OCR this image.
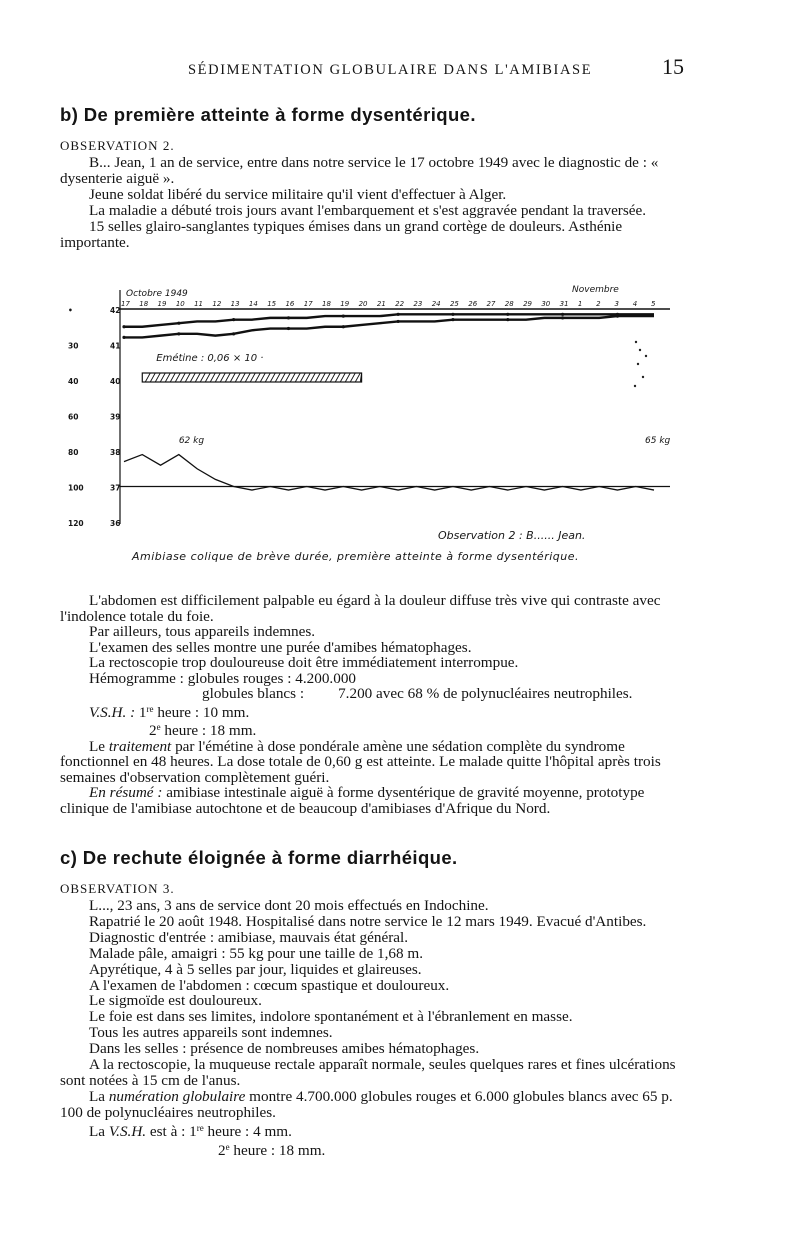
SÉDIMENTATION GLOBULAIRE DANS L'AMIBIASE	15
b) De première atteinte à forme dysentérique.
OBSERVATION 2.

B... Jean, 1 an de service, entre dans notre service le 17 octobre 1949 avec le diagnostic de : « dysenterie aiguë ».

Jeune soldat libéré du service militaire qu'il vient d'effectuer à Alger.

La maladie a débuté trois jours avant l'embarquement et s'est aggravée pendant la traversée.

15 selles glairo-sanglantes typiques émises dans un grand cortège de douleurs. Asthénie importante.

Octobre 1949	Novembre
17 18 19 10 11 12 13 14 15 16 17 18 19 20 21 22 23 24 25 26 27 28 29 30 31 1 2 3 4 5
42
41
40
39
38
37
36
•
30
40
60
80
100
120
Emétine : 0,06 × 10 ·
62 kg	65 kg
Observation 2 : B...... Jean.
Amibiase colique de brève durée, première atteinte à forme dysentérique.

L'abdomen est difficilement palpable eu égard à la douleur diffuse très vive qui contraste avec l'indolence totale du foie.

Par ailleurs, tous appareils indemnes.

L'examen des selles montre une purée d'amibes hématophages.

La rectoscopie trop douloureuse doit être immédiatement interrompue.

Hémogramme : globules rouges : 4.200.000

globules blancs : 7.200 avec 68 % de polynucléaires neutrophiles.

V.S.H. : 1re heure : 10 mm.

2e heure : 18 mm.

Le traitement par l'émétine à dose pondérale amène une sédation complète du syndrome fonctionnel en 48 heures. La dose totale de 0,60 g est atteinte. Le malade quitte l'hôpital après trois semaines d'observation complètement guéri.

En résumé : amibiase intestinale aiguë à forme dysentérique de gravité moyenne, prototype clinique de l'amibiase autochtone et de beaucoup d'amibiases d'Afrique du Nord.

c) De rechute éloignée à forme diarrhéique.
OBSERVATION 3.

L..., 23 ans, 3 ans de service dont 20 mois effectués en Indochine.

Rapatrié le 20 août 1948. Hospitalisé dans notre service le 12 mars 1949. Evacué d'Antibes.

Diagnostic d'entrée : amibiase, mauvais état général.

Malade pâle, amaigri : 55 kg pour une taille de 1,68 m.

Apyrétique, 4 à 5 selles par jour, liquides et glaireuses.

A l'examen de l'abdomen : cœcum spastique et douloureux.

Le sigmoïde est douloureux.

Le foie est dans ses limites, indolore spontanément et à l'ébranlement en masse.

Tous les autres appareils sont indemnes.

Dans les selles : présence de nombreuses amibes hématophages.

A la rectoscopie, la muqueuse rectale apparaît normale, seules quelques rares et fines ulcérations sont notées à 15 cm de l'anus.

La numération globulaire montre 4.700.000 globules rouges et 6.000 globules blancs avec 65 p. 100 de polynucléaires neutrophiles.

La V.S.H. est à : 1re heure : 4 mm.

2e heure : 18 mm.
